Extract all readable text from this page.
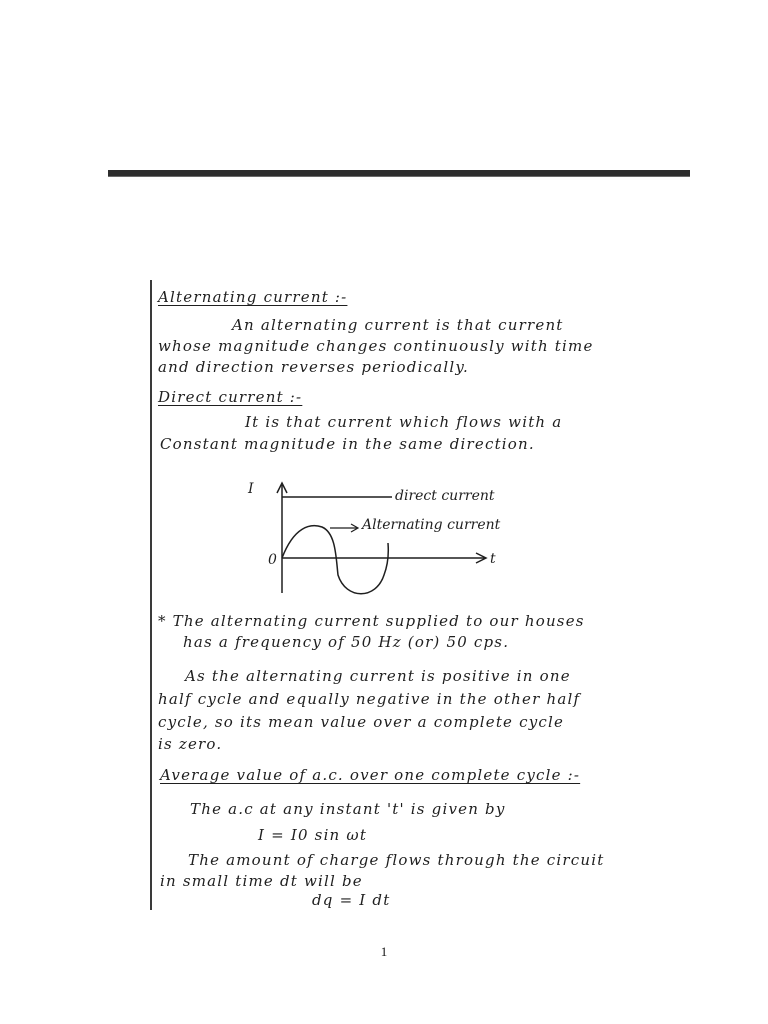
Alternating current :-
An alternating current is that current
whose magnitude changes continuously with time
and direction reverses periodically.
Direct current :-
It is that current which flows with a
Constant magnitude in the same direction.
* The alternating current supplied to our houses
has a frequency of 50 Hz (or) 50 cps.
As the alternating current is positive in one
half cycle and equally negative in the other half
cycle, so its mean value over a complete cycle
is zero.
Average value of a.c. over one complete cycle :-
The a.c at any instant 't' is given by
I = I0 sin ωt
The amount of charge flows through the circuit
in small time dt will be
dq = I dt
I
0	t
direct current
Alternating current
1
